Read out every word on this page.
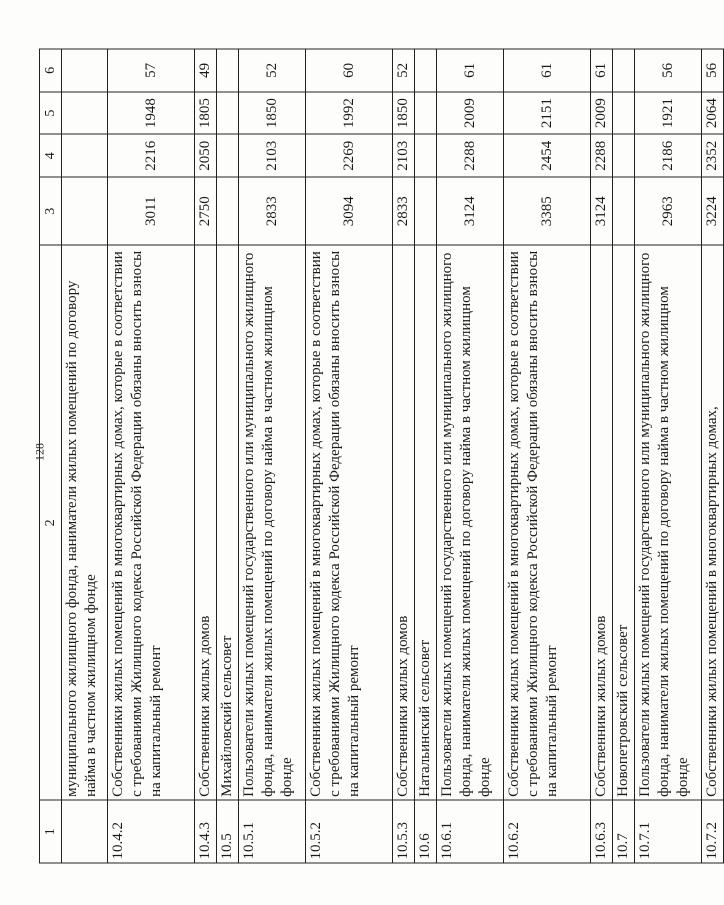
128
1	2	3	4	5	6
	муниципального жилищного фонда, наниматели жилых помещений по договору найма в частном жилищном фонде				
10.4.2	Собственники жилых помещений в многоквартирных домах, которые в соответствии с требованиями Жилищного кодекса Российской Федерации обязаны вносить взносы на капитальный ремонт	3011	2216	1948	57
10.4.3	Собственники жилых домов	2750	2050	1805	49
10.5	Михайловский сельсовет				
10.5.1	Пользователи жилых помещений государственного или муниципального жилищного фонда, наниматели жилых помещений по договору найма в частном жилищном фонде	2833	2103	1850	52
10.5.2	Собственники жилых помещений в многоквартирных домах, которые в соответствии с требованиями Жилищного кодекса Российской Федерации обязаны вносить взносы на капитальный ремонт	3094	2269	1992	60
10.5.3	Собственники жилых домов	2833	2103	1850	52
10.6	Натальинский сельсовет				
10.6.1	Пользователи жилых помещений государственного или муниципального жилищного фонда, наниматели жилых помещений по договору найма в частном жилищном фонде	3124	2288	2009	61
10.6.2	Собственники жилых помещений в многоквартирных домах, которые в соответствии с требованиями Жилищного кодекса Российской Федерации обязаны вносить взносы на капитальный ремонт	3385	2454	2151	61
10.6.3	Собственники жилых домов	3124	2288	2009	61
10.7	Новопетровский сельсовет				
10.7.1	Пользователи жилых помещений государственного или муниципального жилищного фонда, наниматели жилых помещений по договору найма в частном жилищном фонде	2963	2186	1921	56
10.7.2	Собственники жилых помещений в многоквартирных домах,	3224	2352	2064	56
